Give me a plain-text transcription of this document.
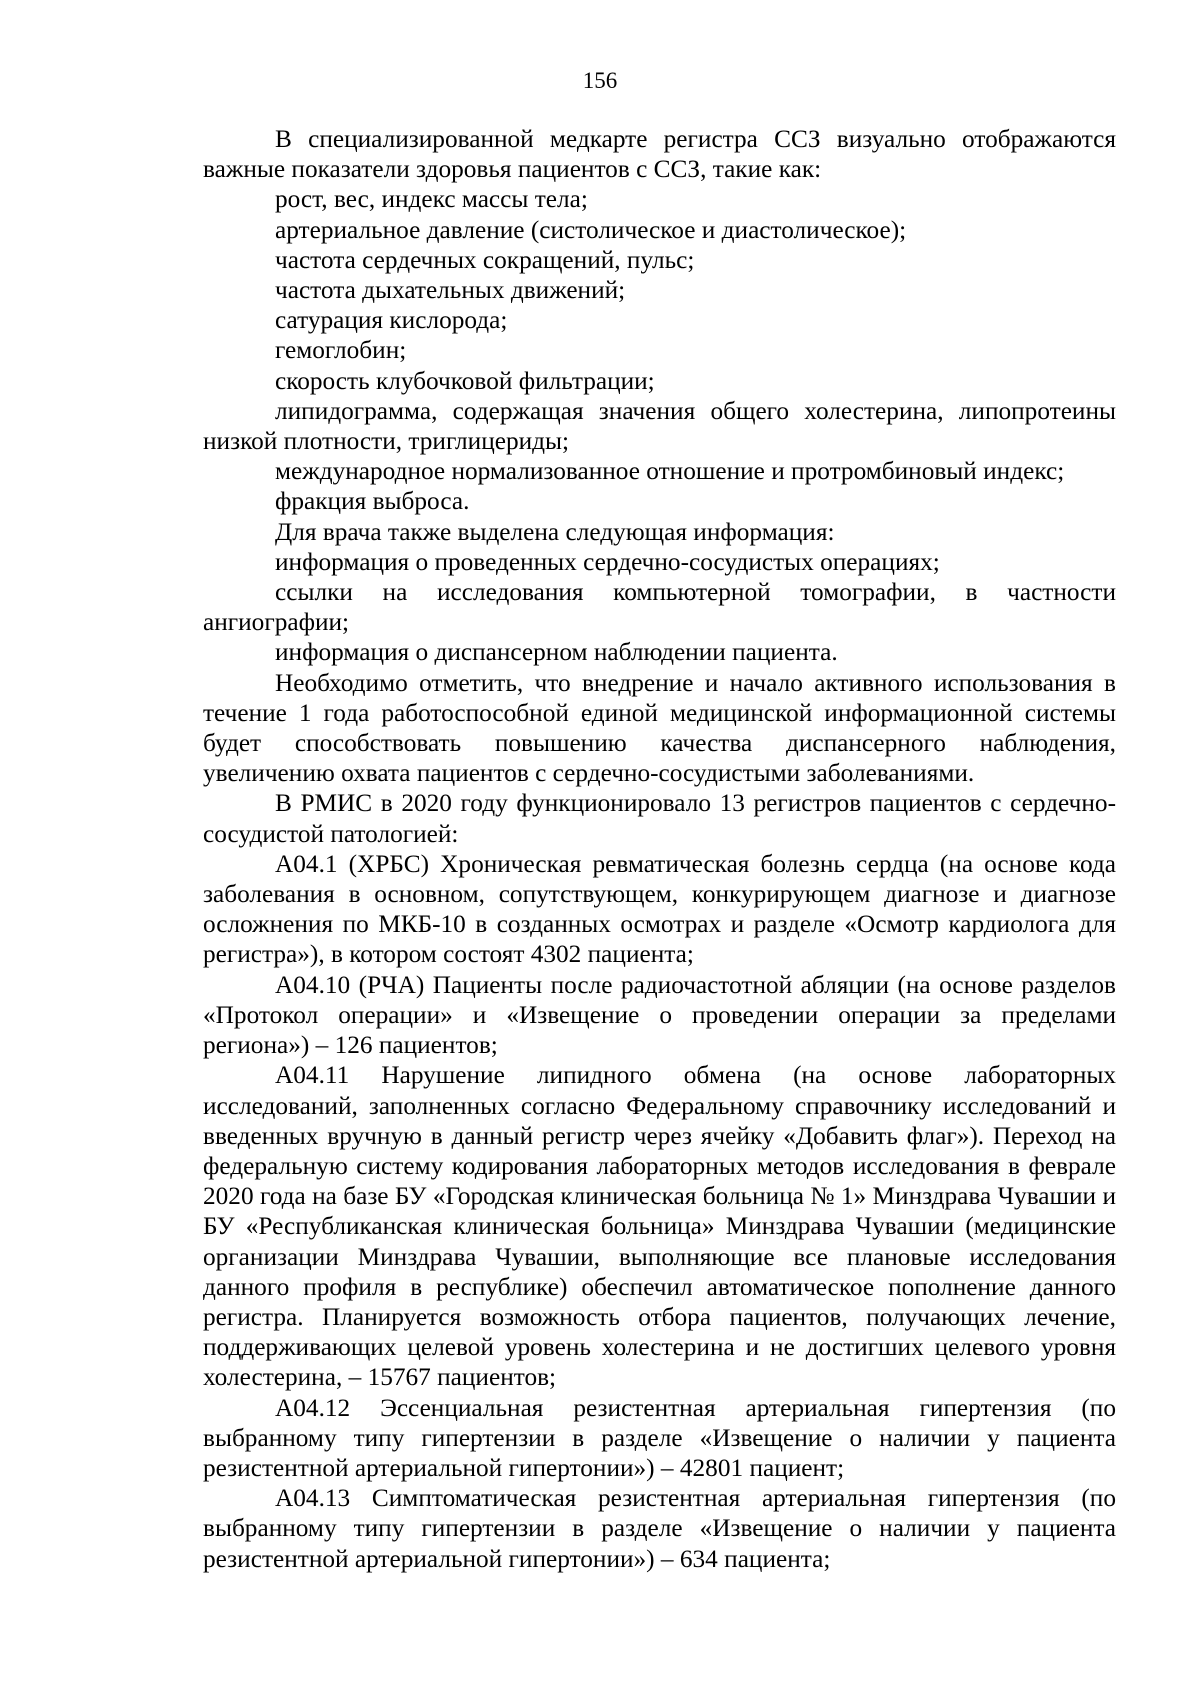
156

В специализированной медкарте регистра ССЗ визуально отображаются важные показатели здоровья пациентов с ССЗ, такие как:

рост, вес, индекс массы тела;

артериальное давление (систолическое и диастолическое);

частота сердечных сокращений, пульс;

частота дыхательных движений;

сатурация кислорода;

гемоглобин;

скорость клубочковой фильтрации;

липидограмма, содержащая значения общего холестерина, липопротеины низкой плотности, триглицериды;

международное нормализованное отношение и протромбиновый индекс;

фракция выброса.

Для врача также выделена следующая информация:

информация о проведенных сердечно-сосудистых операциях;

ссылки на исследования компьютерной томографии, в частности ангиографии;

информация о диспансерном наблюдении пациента.

Необходимо отметить, что внедрение и начало активного использования в течение 1 года работоспособной единой медицинской информационной системы будет способствовать повышению качества диспансерного наблюдения, увеличению охвата пациентов с сердечно-сосудистыми заболеваниями.

В РМИС в 2020 году функционировало 13 регистров пациентов с сердечно-сосудистой патологией:

А04.1 (ХРБС) Хроническая ревматическая болезнь сердца (на основе кода заболевания в основном, сопутствующем, конкурирующем диагнозе и диагнозе осложнения по МКБ-10 в созданных осмотрах и разделе «Осмотр кардиолога для регистра»), в котором состоят 4302 пациента;

А04.10 (РЧА) Пациенты после радиочастотной абляции (на основе разделов «Протокол операции» и «Извещение о проведении операции за пределами региона») – 126 пациентов;

А04.11 Нарушение липидного обмена (на основе лабораторных исследований, заполненных согласно Федеральному справочнику исследований и введенных вручную в данный регистр через ячейку «Добавить флаг»). Переход на федеральную систему кодирования лабораторных методов исследования в феврале 2020 года на базе БУ «Городская клиническая больница № 1» Минздрава Чувашии и БУ «Республиканская клиническая больница» Минздрава Чувашии (медицинские организации Минздрава Чувашии, выполняющие все плановые исследования данного профиля в республике) обеспечил автоматическое пополнение данного регистра. Планируется возможность отбора пациентов, получающих лечение, поддерживающих целевой уровень холестерина и не достигших целевого уровня холестерина, – 15767 пациентов;

А04.12 Эссенциальная резистентная артериальная гипертензия (по выбранному типу гипертензии в разделе «Извещение о наличии у пациента резистентной артериальной гипертонии») – 42801 пациент;

А04.13 Симптоматическая резистентная артериальная гипертензия (по выбранному типу гипертензии в разделе «Извещение о наличии у пациента резистентной артериальной гипертонии») – 634 пациента;
